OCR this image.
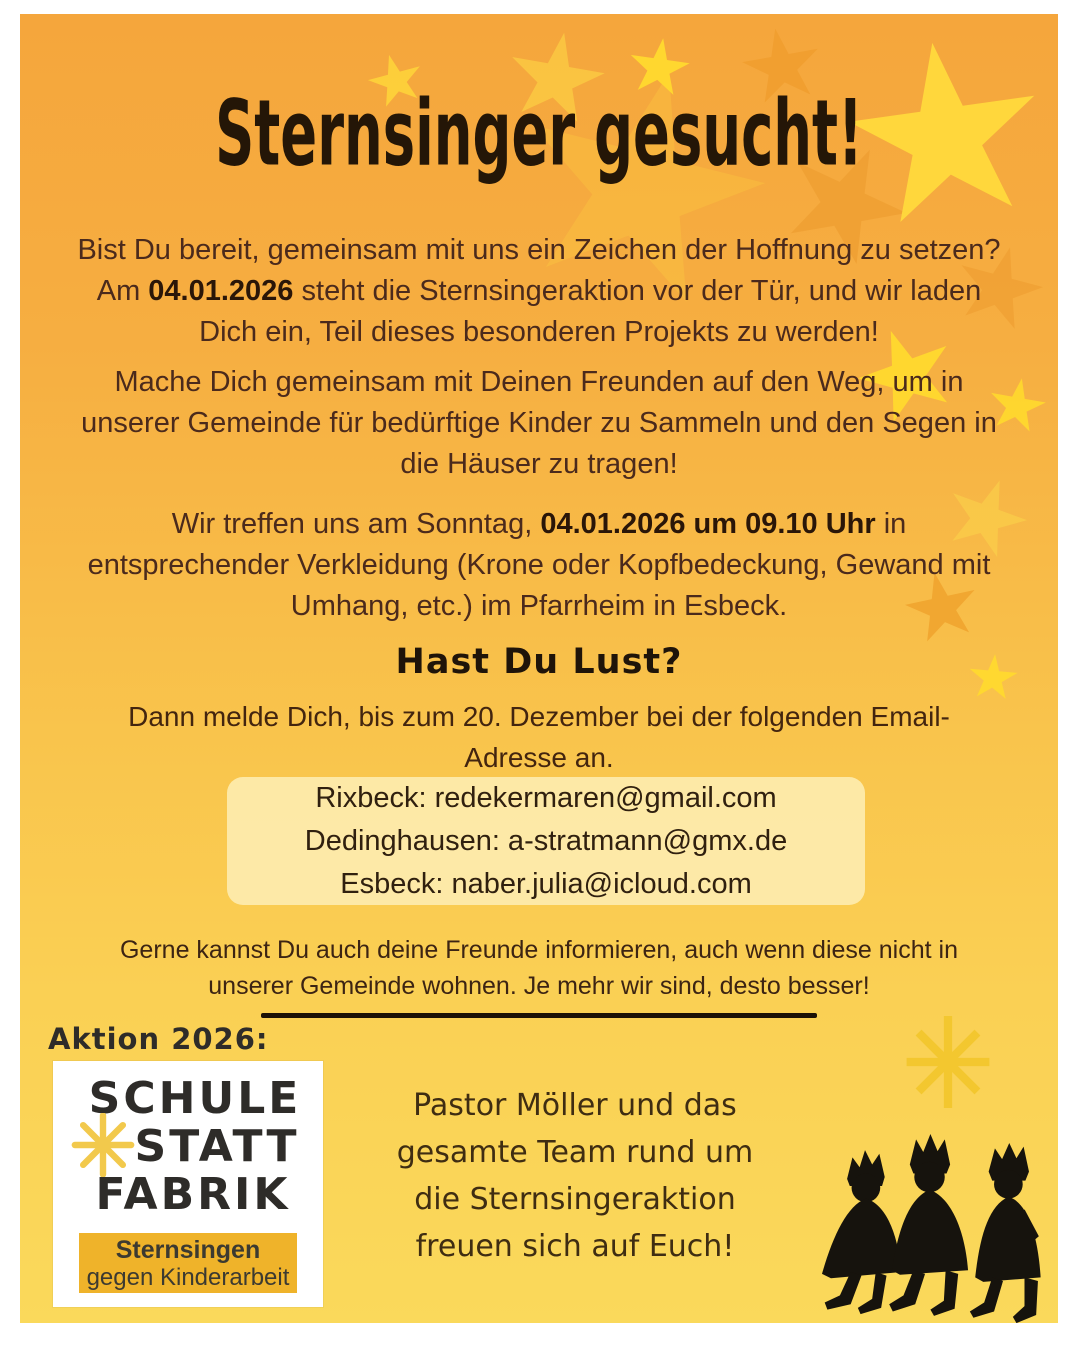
Sternsinger gesucht!

Bist Du bereit, gemeinsam mit uns ein Zeichen der Hoffnung zu setzen? Am 04.01.2026 steht die Sternsingeraktion vor der Tür, und wir laden Dich ein, Teil dieses besonderen Projekts zu werden!

Mache Dich gemeinsam mit Deinen Freunden auf den Weg, um in unserer Gemeinde für bedürftige Kinder zu Sammeln und den Segen in die Häuser zu tragen!

Wir treffen uns am Sonntag, 04.01.2026 um 09.10 Uhr in entsprechender Verkleidung (Krone oder Kopfbedeckung, Gewand mit Umhang, etc.) im Pfarrheim in Esbeck.

Hast Du Lust?
Dann melde Dich, bis zum 20. Dezember bei der folgenden Email-Adresse an.
Rixbeck: redekermaren@gmail.com
Dedinghausen: a-stratmann@gmx.de
Esbeck: naber.julia@icloud.com
Gerne kannst Du auch deine Freunde informieren, auch wenn diese nicht in unserer Gemeinde wohnen. Je mehr wir sind, desto besser!
Aktion 2026:
SCHULE
STATT
FABRIK
Sternsingen
gegen Kinderarbeit
Pastor Möller und das
gesamte Team rund um
die Sternsingeraktion
freuen sich auf Euch!
